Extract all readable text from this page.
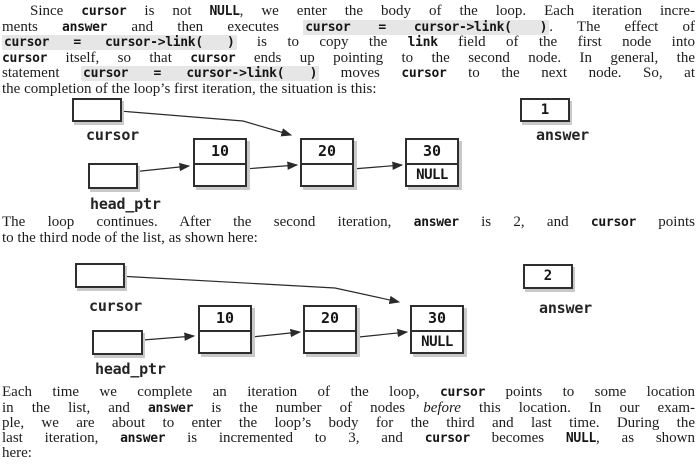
Since cursor is not NULL, we enter the body of the loop. Each iteration incre-
ments answer and then executes cursor = cursor->link( ) . The effect of
cursor = cursor->link( ) is to copy the link field of the first node into
cursor itself, so that cursor ends up pointing to the second node. In general, the
statement cursor = cursor->link( ) moves cursor to the next node. So, at
the completion of the loop’s first iteration, the situation is this:
cursor
1
answer
10	20	30
NULL
head_ptr
The loop continues. After the second iteration, answer is 2, and cursor points
to the third node of the list, as shown here:
cursor
2
answer
10	20	30
NULL
head_ptr
Each time we complete an iteration of the loop, cursor points to some location
in the list, and answer is the number of nodes before this location. In our exam-
ple, we are about to enter the loop’s body for the third and last time. During the
last iteration, answer is incremented to 3, and cursor becomes NULL, as shown
here:
